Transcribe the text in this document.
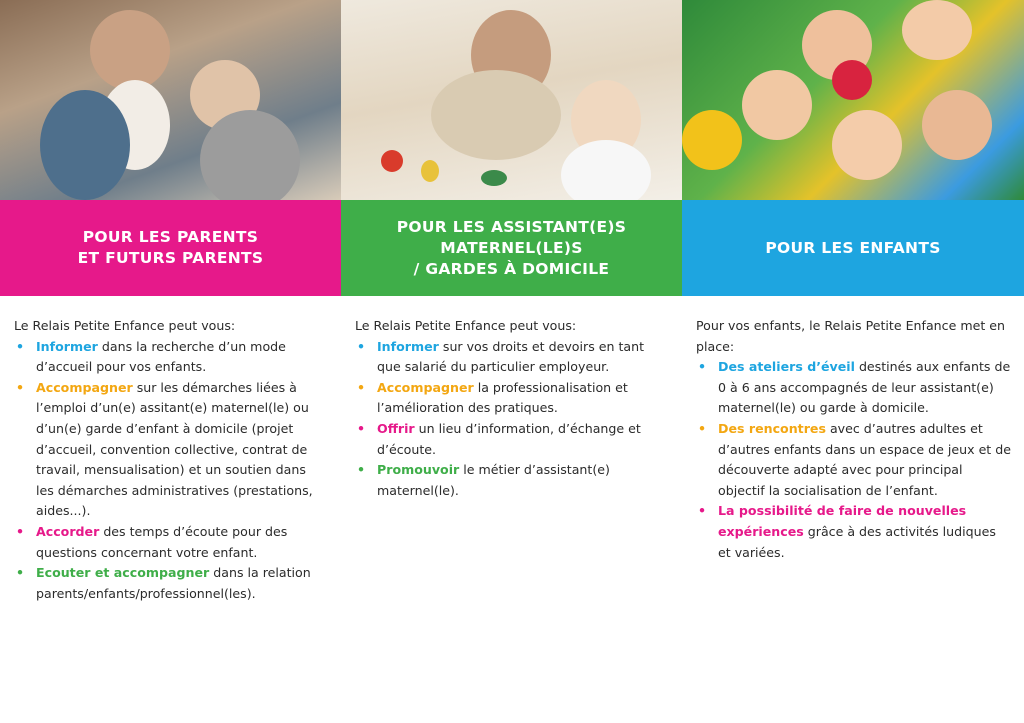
POUR LES PARENTS
ET FUTURS PARENTS
POUR LES ASSISTANT(E)S
MATERNEL(LE)S
/ GARDES À DOMICILE
POUR LES ENFANTS
Le Relais Petite Enfance peut vous:
• Informer dans la recherche d’un mode d’accueil pour vos enfants.
• Accompagner sur les démarches liées à l’emploi d’un(e) assitant(e) maternel(le) ou d’un(e) garde d’enfant à domicile (projet d’accueil, convention collective, contrat de travail, mensualisation) et un soutien dans les démarches administratives (prestations, aides...).
• Accorder des temps d’écoute pour des questions concernant votre enfant.
• Ecouter et accompagner dans la relation parents/enfants/professionnel(les).
Le Relais Petite Enfance peut vous:
• Informer sur vos droits et devoirs en tant que salarié du particulier employeur.
• Accompagner la professionalisation et l’amélioration des pratiques.
• Offrir un lieu d’information, d’échange et d’écoute.
• Promouvoir le métier d’assistant(e) maternel(le).
Pour vos enfants, le Relais Petite Enfance met en place:
• Des ateliers d’éveil destinés aux enfants de 0 à 6 ans accompagnés de leur assistant(e) maternel(le) ou garde à domicile.
• Des rencontres avec d’autres adultes et d’autres enfants dans un espace de jeux et de découverte adapté avec pour principal objectif la socialisation de l’enfant.
• La possibilité de faire de nouvelles expériences grâce à des activités ludiques et variées.
